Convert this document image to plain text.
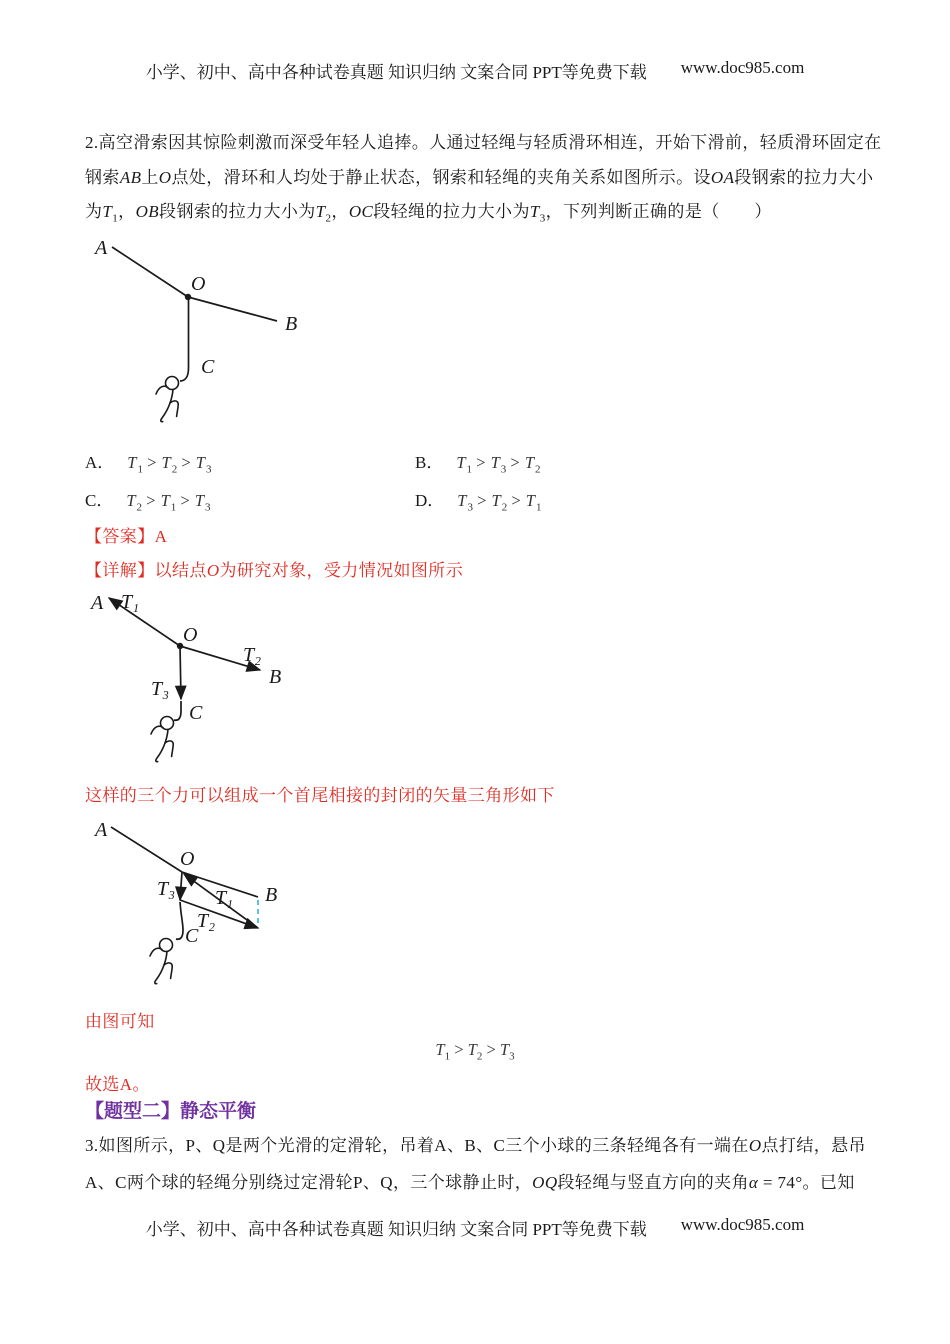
小学、初中、高中各种试卷真题 知识归纳 文案合同 PPT等免费下载 www.doc985.com
2.高空滑索因其惊险刺激而深受年轻人追捧。人通过轻绳与轻质滑环相连，开始下滑前，轻质滑环固定在
钢索AB上O点处，滑环和人均处于静止状态，钢索和轻绳的夹角关系如图所示。设OA段钢索的拉力大小
为$T_1$，OB段钢索的拉力大小为$T_2$，OC段轻绳的拉力大小为$T_3$，下列判断正确的是（　　）
A
O
B
C
A． $T_1 > T_2 > T_3$	B． $T_1 > T_3 > T_2$
C． $T_2 > T_1 > T_3$	D． $T_3 > T_2 > T_1$
【答案】A
【详解】以结点O为研究对象，受力情况如图所示
A T₁
O
T₂
B
T₃
C
这样的三个力可以组成一个首尾相接的封闭的矢量三角形如下
A
O
T₃ T₁ B
T₂
C
由图可知
$T_1 > T_2 > T_3$
故选A。
【题型二】静态平衡
3.如图所示，P、Q是两个光滑的定滑轮，吊着A、B、C三个小球的三条轻绳各有一端在O点打结，悬吊
A、C两个球的轻绳分别绕过定滑轮P、Q，三个球静止时，OQ段轻绳与竖直方向的夹角α = 74°。已知
小学、初中、高中各种试卷真题 知识归纳 文案合同 PPT等免费下载 www.doc985.com
